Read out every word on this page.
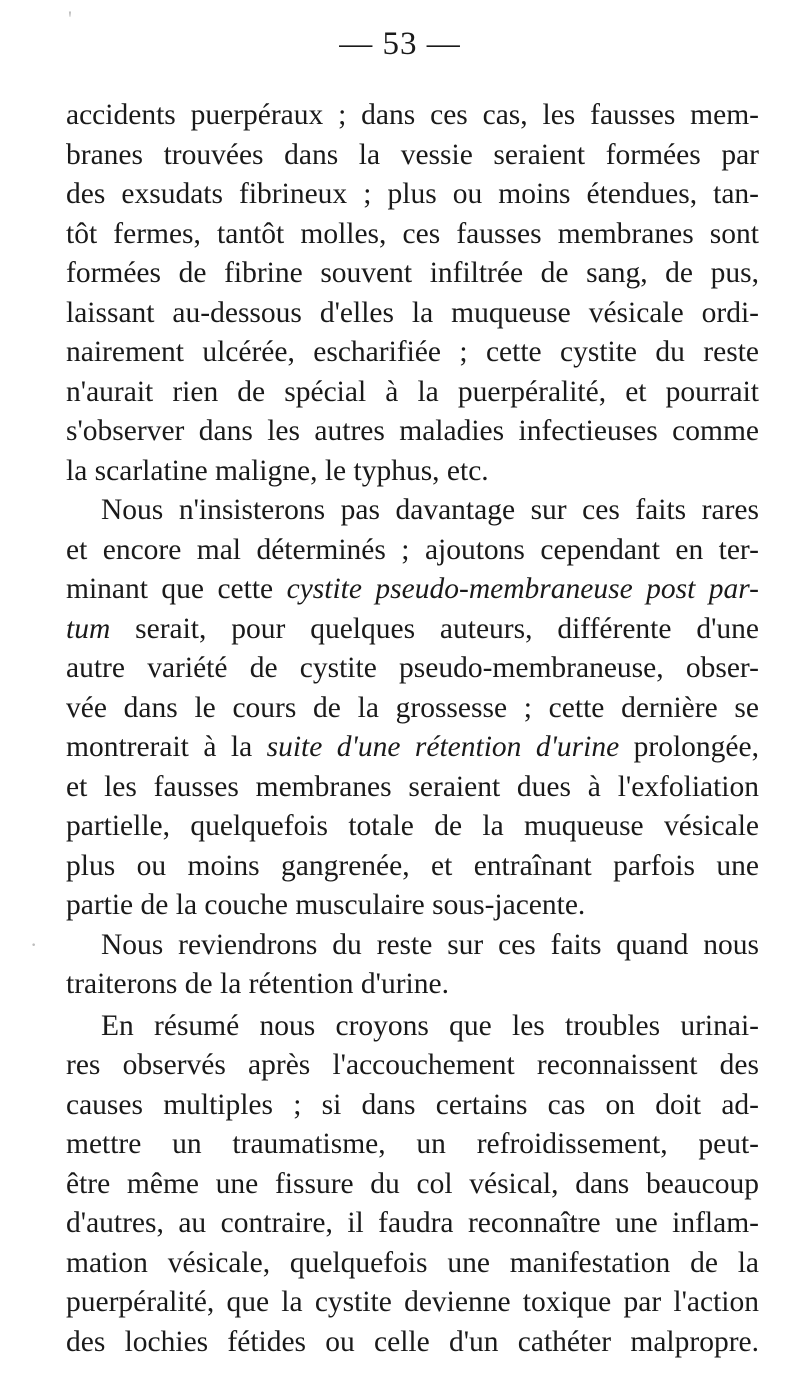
— 53 —
accidents puerpéraux ; dans ces cas, les fausses mem-
branes trouvées dans la vessie seraient formées par
des exsudats fibrineux ; plus ou moins étendues, tan-
tôt fermes, tantôt molles, ces fausses membranes sont
formées de fibrine souvent infiltrée de sang, de pus,
laissant au-dessous d'elles la muqueuse vésicale ordi-
nairement ulcérée, escharifiée ; cette cystite du reste
n'aurait rien de spécial à la puerpéralité, et pourrait
s'observer dans les autres maladies infectieuses comme
la scarlatine maligne, le typhus, etc.
Nous n'insisterons pas davantage sur ces faits rares
et encore mal déterminés ; ajoutons cependant en ter-
minant que cette cystite pseudo-membraneuse post par-
tum serait, pour quelques auteurs, différente d'une
autre variété de cystite pseudo-membraneuse, obser-
vée dans le cours de la grossesse ; cette dernière se
montrerait à la suite d'une rétention d'urine prolongée,
et les fausses membranes seraient dues à l'exfoliation
partielle, quelquefois totale de la muqueuse vésicale
plus ou moins gangrenée, et entraînant parfois une
partie de la couche musculaire sous-jacente.
Nous reviendrons du reste sur ces faits quand nous
traiterons de la rétention d'urine.
En résumé nous croyons que les troubles urinai-
res observés après l'accouchement reconnaissent des
causes multiples ; si dans certains cas on doit ad-
mettre un traumatisme, un refroidissement, peut-
être même une fissure du col vésical, dans beaucoup
d'autres, au contraire, il faudra reconnaître une inflam-
mation vésicale, quelquefois une manifestation de la
puerpéralité, que la cystite devienne toxique par l'action
des lochies fétides ou celle d'un cathéter malpropre.
'
·
